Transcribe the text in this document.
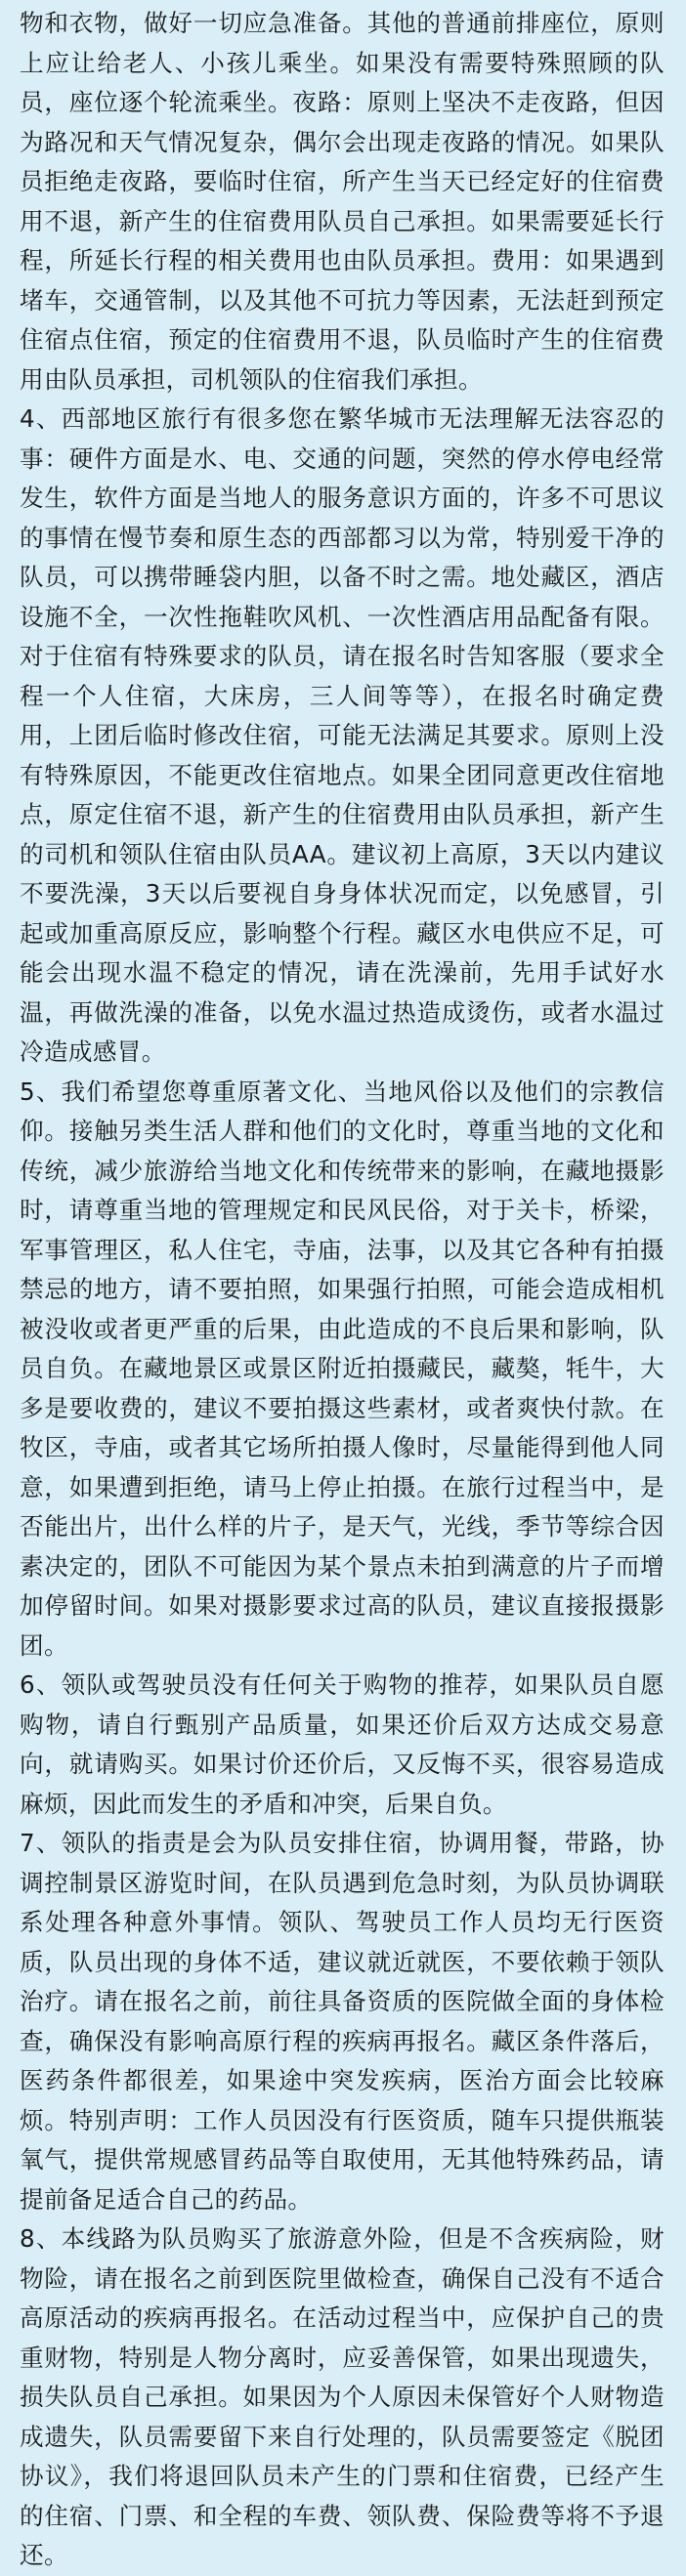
物和衣物，做好一切应急准备。其他的普通前排座位，原则上应让给老人、小孩儿乘坐。如果没有需要特殊照顾的队员，座位逐个轮流乘坐。夜路：原则上坚决不走夜路，但因为路况和天气情况复杂，偶尔会出现走夜路的情况。如果队员拒绝走夜路，要临时住宿，所产生当天已经定好的住宿费用不退，新产生的住宿费用队员自己承担。如果需要延长行程，所延长行程的相关费用也由队员承担。费用：如果遇到堵车，交通管制，以及其他不可抗力等因素，无法赶到预定住宿点住宿，预定的住宿费用不退，队员临时产生的住宿费用由队员承担，司机领队的住宿我们承担。

4、西部地区旅行有很多您在繁华城市无法理解无法容忍的事：硬件方面是水、电、交通的问题，突然的停水停电经常发生，软件方面是当地人的服务意识方面的，许多不可思议的事情在慢节奏和原生态的西部都习以为常，特别爱干净的队员，可以携带睡袋内胆，以备不时之需。地处藏区，酒店设施不全，一次性拖鞋吹风机、一次性酒店用品配备有限。对于住宿有特殊要求的队员，请在报名时告知客服（要求全程一个人住宿，大床房，三人间等等），在报名时确定费用，上团后临时修改住宿，可能无法满足其要求。原则上没有特殊原因，不能更改住宿地点。如果全团同意更改住宿地点，原定住宿不退，新产生的住宿费用由队员承担，新产生的司机和领队住宿由队员AA。建议初上高原，3天以内建议不要洗澡，3天以后要视自身身体状况而定，以免感冒，引起或加重高原反应，影响整个行程。藏区水电供应不足，可能会出现水温不稳定的情况，请在洗澡前，先用手试好水温，再做洗澡的准备，以免水温过热造成烫伤，或者水温过冷造成感冒。

5、我们希望您尊重原著文化、当地风俗以及他们的宗教信仰。接触另类生活人群和他们的文化时，尊重当地的文化和传统，减少旅游给当地文化和传统带来的影响，在藏地摄影时，请尊重当地的管理规定和民风民俗，对于关卡，桥梁，军事管理区，私人住宅，寺庙，法事，以及其它各种有拍摄禁忌的地方，请不要拍照，如果强行拍照，可能会造成相机被没收或者更严重的后果，由此造成的不良后果和影响，队员自负。在藏地景区或景区附近拍摄藏民，藏獒，牦牛，大多是要收费的，建议不要拍摄这些素材，或者爽快付款。在牧区，寺庙，或者其它场所拍摄人像时，尽量能得到他人同意，如果遭到拒绝，请马上停止拍摄。在旅行过程当中，是否能出片，出什么样的片子，是天气，光线，季节等综合因素决定的，团队不可能因为某个景点未拍到满意的片子而增加停留时间。如果对摄影要求过高的队员，建议直接报摄影团。

6、领队或驾驶员没有任何关于购物的推荐，如果队员自愿购物，请自行甄别产品质量，如果还价后双方达成交易意向，就请购买。如果讨价还价后，又反悔不买，很容易造成麻烦，因此而发生的矛盾和冲突，后果自负。

7、领队的指责是会为队员安排住宿，协调用餐，带路，协调控制景区游览时间，在队员遇到危急时刻，为队员协调联系处理各种意外事情。领队、驾驶员工作人员均无行医资质，队员出现的身体不适，建议就近就医，不要依赖于领队治疗。请在报名之前，前往具备资质的医院做全面的身体检查，确保没有影响高原行程的疾病再报名。藏区条件落后，医药条件都很差，如果途中突发疾病，医治方面会比较麻烦。特别声明：工作人员因没有行医资质，随车只提供瓶装氧气，提供常规感冒药品等自取使用，无其他特殊药品，请提前备足适合自己的药品。

8、本线路为队员购买了旅游意外险，但是不含疾病险，财物险，请在报名之前到医院里做检查，确保自己没有不适合高原活动的疾病再报名。在活动过程当中，应保护自己的贵重财物，特别是人物分离时，应妥善保管，如果出现遗失，损失队员自己承担。如果因为个人原因未保管好个人财物造成遗失，队员需要留下来自行处理的，队员需要签定《脱团协议》，我们将退回队员未产生的门票和住宿费，已经产生的住宿、门票、和全程的车费、领队费、保险费等将不予退还。
